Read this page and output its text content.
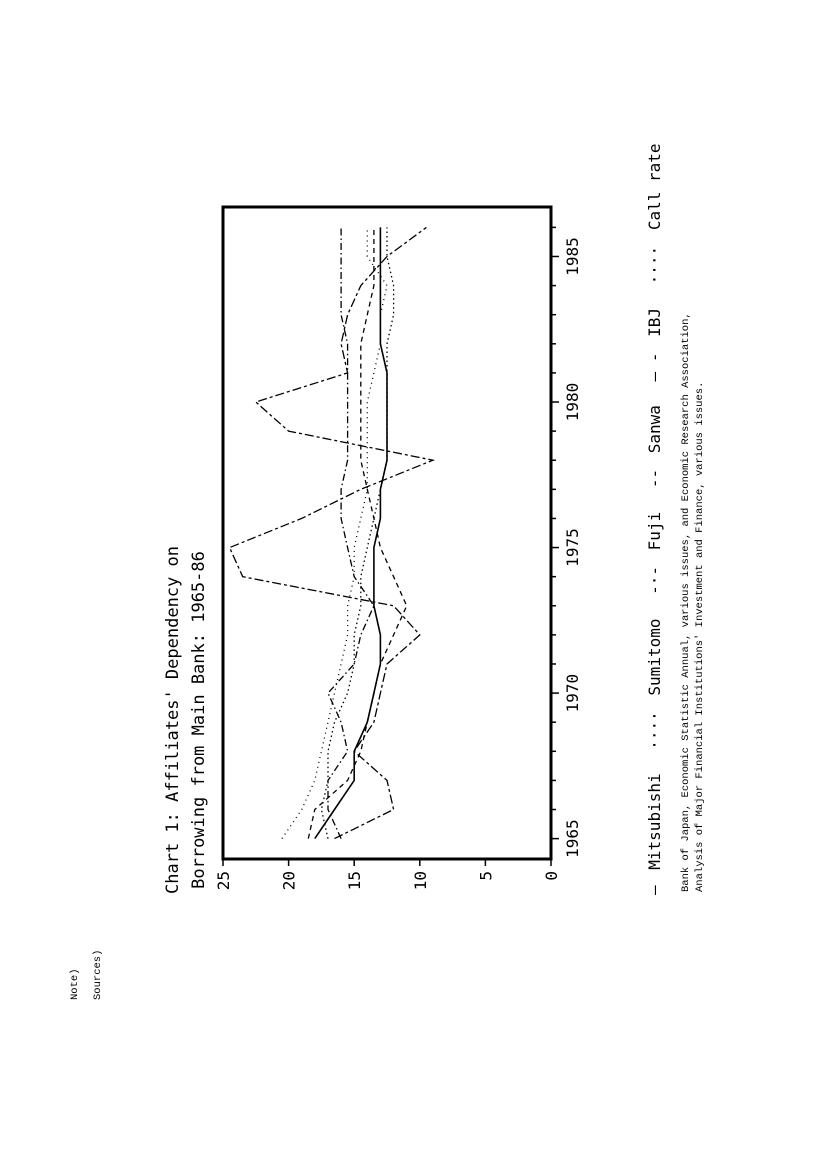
Chart 1: Affiliates' Dependency on Borrowing from Main Bank: 1965-86	0
5
10
15
20
25
1965
1970
1975
1980
1985
— Mitsubishi ···· Sumitomo -·- Fuji -- Sanwa — - IBJ ···· Call rate
Bank of Japan, Economic Statistic Annual, various issues, and Economic Research Association, Analysis of Major Financial Institutions' Investment and Finance, various issues.
Note) Sources)
